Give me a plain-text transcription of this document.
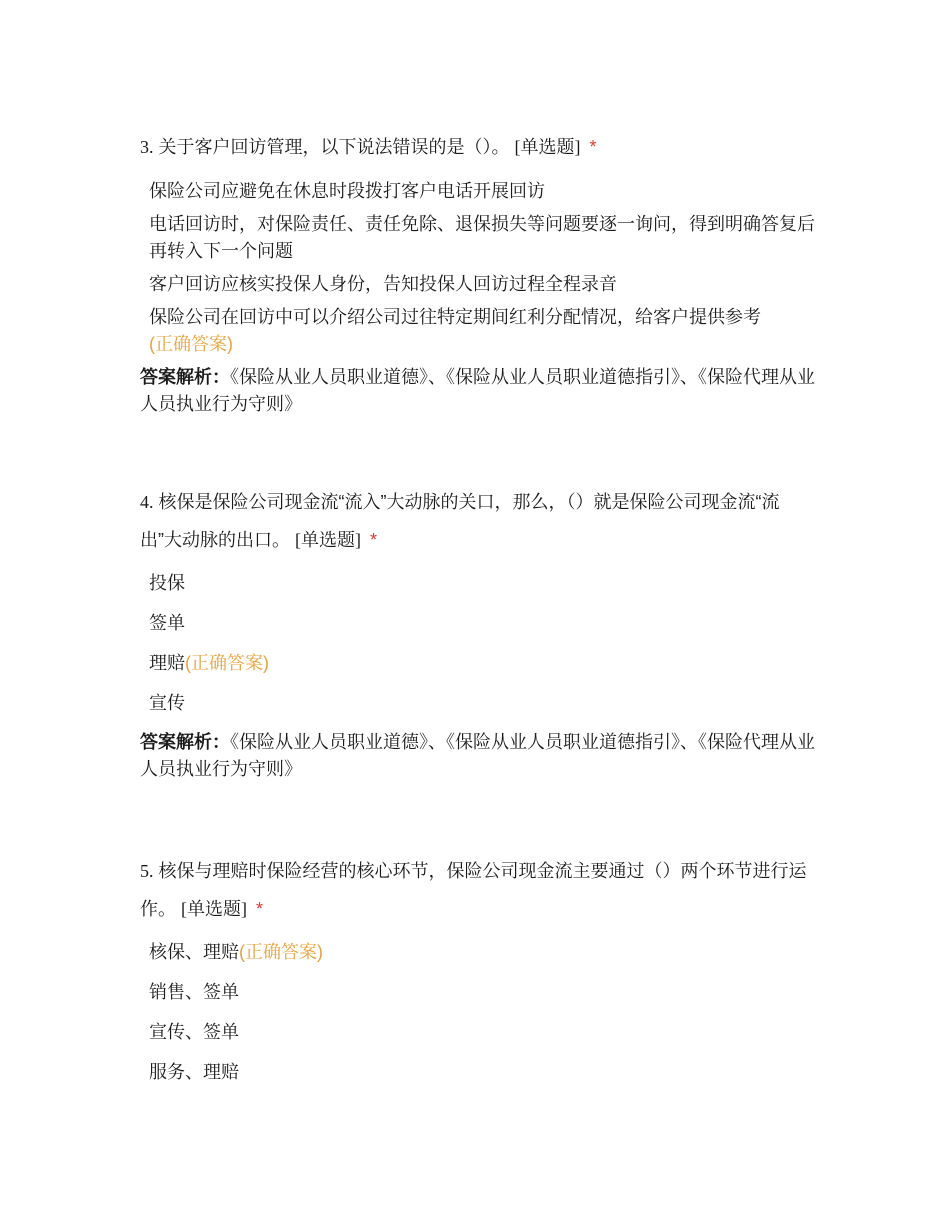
3. 关于客户回访管理，以下说法错误的是（）。 [单选题] *

保险公司应避免在休息时段拨打客户电话开展回访
电话回访时，对保险责任、责任免除、退保损失等问题要逐一询问，得到明确答复后再转入下一个问题
客户回访应核实投保人身份，告知投保人回访过程全程录音
保险公司在回访中可以介绍公司过往特定期间红利分配情况，给客户提供参考
(正确答案)
答案解析：《保险从业人员职业道德》、《保险从业人员职业道德指引》、《保险代理从业人员执业行为守则》

4. 核保是保险公司现金流“流入”大动脉的关口，那么，（）就是保险公司现金流“流出”大动脉的出口。 [单选题] *

投保
签单
理赔(正确答案)
宣传
答案解析：《保险从业人员职业道德》、《保险从业人员职业道德指引》、《保险代理从业人员执业行为守则》

5. 核保与理赔时保险经营的核心环节，保险公司现金流主要通过（）两个环节进行运作。 [单选题] *

核保、理赔(正确答案)
销售、签单
宣传、签单
服务、理赔
